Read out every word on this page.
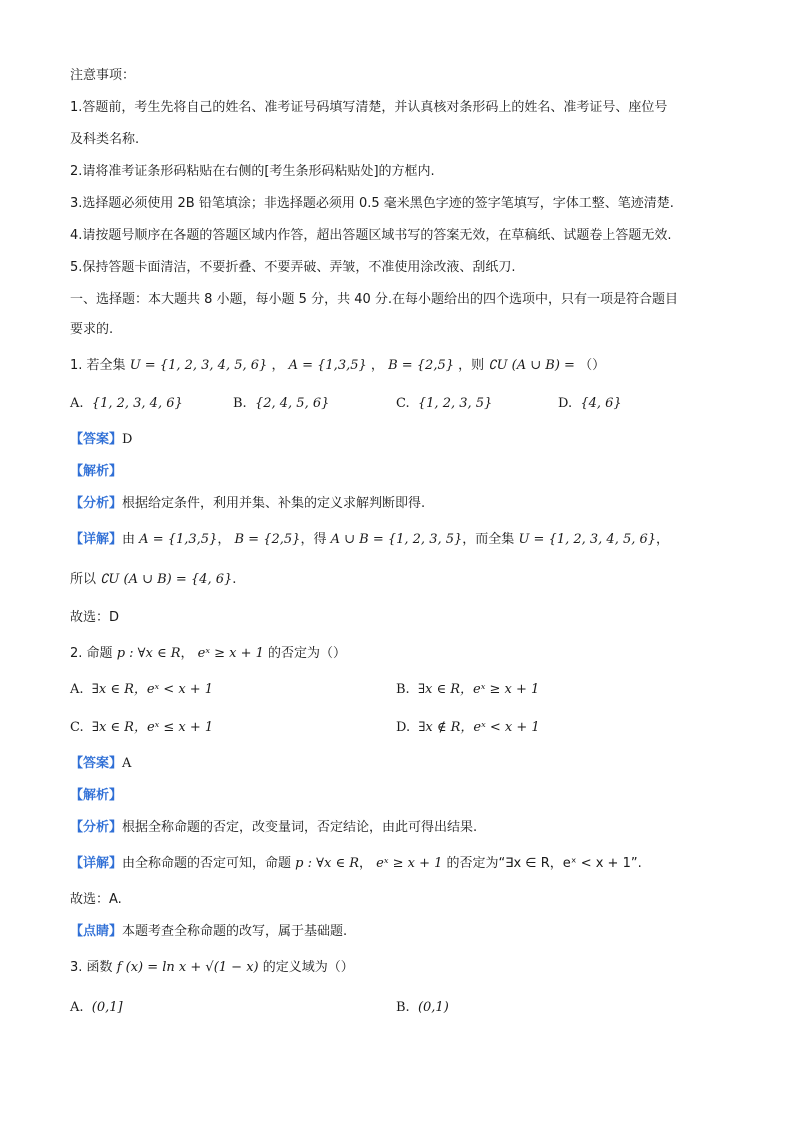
注意事项：
1.答题前，考生先将自己的姓名、准考证号码填写清楚，并认真核对条形码上的姓名、准考证号、座位号
及科类名称.
2.请将准考证条形码粘贴在右侧的[考生条形码粘贴处]的方框内.
3.选择题必须使用 2B 铅笔填涂；非选择题必须用 0.5 毫米黑色字迹的签字笔填写，字体工整、笔迹清楚.
4.请按题号顺序在各题的答题区域内作答，超出答题区域书写的答案无效，在草稿纸、试题卷上答题无效.
5.保持答题卡面清洁，不要折叠、不要弄破、弄皱，不准使用涂改液、刮纸刀.
一、选择题：本大题共 8 小题，每小题 5 分，共 40 分.在每小题给出的四个选项中，只有一项是符合题目
要求的.
1. 若全集 U = {1, 2, 3, 4, 5, 6} ， A = {1,3,5} ， B = {2,5} ，则 ∁U (A ∪ B) = （）
A. {1, 2, 3, 4, 6}	B. {2, 4, 5, 6}	C. {1, 2, 3, 5}	D. {4, 6}
【答案】D
【解析】
【分析】根据给定条件，利用并集、补集的定义求解判断即得.
【详解】由 A = {1,3,5}， B = {2,5}，得 A ∪ B = {1, 2, 3, 5}，而全集 U = {1, 2, 3, 4, 5, 6}，
所以 ∁U (A ∪ B) = {4, 6}.
故选：D
2. 命题 p : ∀x ∈ R， eˣ ≥ x + 1 的否定为（）
A. ∃x ∈ R，eˣ < x + 1	B. ∃x ∈ R，eˣ ≥ x + 1
C. ∃x ∈ R，eˣ ≤ x + 1	D. ∃x ∉ R，eˣ < x + 1
【答案】A
【解析】
【分析】根据全称命题的否定，改变量词，否定结论，由此可得出结果.
【详解】由全称命题的否定可知，命题 p : ∀x ∈ R， eˣ ≥ x + 1 的否定为“∃x ∈ R，eˣ < x + 1”.
故选：A.
【点睛】本题考查全称命题的改写，属于基础题.
3. 函数 f (x) = ln x + √(1 − x) 的定义域为（）
A. (0,1]	B. (0,1)
